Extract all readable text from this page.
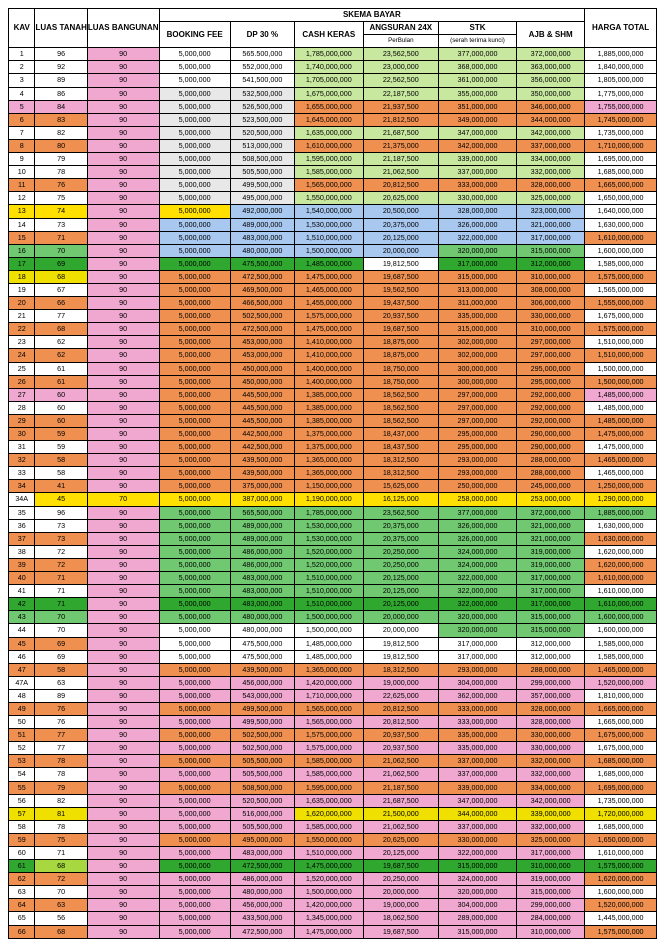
KAV	LUAS TANAH	LUAS BANGUNAN	SKEMA BAYAR						HARGA TOTAL
			BOOKING FEE	DP 30 %	CASH KERAS	ANGSURAN 24X	STK	AJB & SHM	
						PerBulan	(serah terima kunci)		
1	96	90	5,000,000	565.500,000	1,785,000,000	23,562,500	377,000,000	372,000,000	1,885,000,000
2	92	90	5,000,000	552,000,000	1,740,000,000	23,000,000	368,000,000	363,000,000	1,840,000,000
3	89	90	5,000,000	541,500,000	1,705,000,000	22,562,500	361,000,000	356,000,000	1,805,000,000
4	86	90	5,000,000	532,500,000	1,675,000,000	22,187,500	355,000,000	350,000,000	1,775,000,000
5	84	90	5,000,000	526,500,000	1,655,000,000	21,937,500	351,000,000	346,000,000	1,755,000,000
6	83	90	5,000,000	523,500,000	1,645,000,000	21,812,500	349,000,000	344,000,000	1,745,000,000
7	82	90	5,000,000	520,500,000	1,635,000,000	21,687,500	347,000,000	342,000,000	1,735,000,000
8	80	90	5,000,000	513,000,000	1,610,000,000	21,375,000	342,000,000	337,000,000	1,710,000,000
9	79	90	5,000,000	508,500,000	1,595,000,000	21,187,500	339,000,000	334,000,000	1,695,000,000
10	78	90	5,000,000	505,500,000	1,585,000,000	21,062,500	337,000,000	332,000,000	1,685,000,000
11	76	90	5,000,000	499,500,000	1,565,000,000	20,812,500	333,000,000	328,000,000	1,665,000,000
12	75	90	5,000,000	495,000,000	1,550,000,000	20,625,000	330,000,000	325,000,000	1,650,000,000
13	74	90	5,000,000	492,000,000	1,540,000,000	20,500,000	328,000,000	323,000,000	1,640,000,000
14	73	90	5,000,000	489,000,000	1,530,000,000	20,375,000	326,000,000	321,000,000	1,630,000,000
15	71	90	5,000,000	483,000,000	1,510,000,000	20,125,000	322,000,000	317,000,000	1,610,000,000
16	70	90	5,000,000	480,000,000	1,500,000,000	20,000,000	320,000,000	315,000,000	1,600,000,000
17	69	90	5,000,000	475,500,000	1,485,000,000	19,812,500	317,000,000	312,000,000	1,585,000,000
18	68	90	5,000,000	472,500,000	1,475,000,000	19,687,500	315,000,000	310,000,000	1,575,000,000
19	67	90	5,000,000	469,500,000	1,465,000,000	19,562,500	313,000,000	308,000,000	1,565,000,000
20	66	90	5,000,000	466,500,000	1,455,000,000	19,437,500	311,000,000	306,000,000	1,555,000,000
21	77	90	5,000,000	502,500,000	1,575,000,000	20,937,500	335,000,000	330,000,000	1,675,000,000
22	68	90	5,000,000	472,500,000	1,475,000,000	19,687,500	315,000,000	310,000,000	1,575,000,000
23	62	90	5,000,000	453,000,000	1,410,000,000	18,875,000	302,000,000	297,000,000	1,510,000,000
24	62	90	5,000,000	453,000,000	1,410,000,000	18,875,000	302,000,000	297,000,000	1,510,000,000
25	61	90	5,000,000	450,000,000	1,400,000,000	18,750,000	300,000,000	295,000,000	1,500,000,000
26	61	90	5,000,000	450,000,000	1,400,000,000	18,750,000	300,000,000	295,000,000	1,500,000,000
27	60	90	5,000,000	445,500,000	1,385,000,000	18,562,500	297,000,000	292,000,000	1,485,000,000
28	60	90	5,000,000	445,500,000	1,385,000,000	18,562,500	297,000,000	292,000,000	1,485,000,000
29	60	90	5,000,000	445,500,000	1,385,000,000	18,562,500	297,000,000	292,000,000	1,485,000,000
30	59	90	5,000,000	442,500,000	1,375,000,000	18,437,000	295,000,000	290,000,000	1,475,000,000
31	59	90	5,000,000	442,500,000	1,375,000,000	18,437,500	295,000,000	290,000,000	1,475,000,000
32	58	90	5,000,000	439,500,000	1,365,000,000	18,312,500	293,000,000	288,000,000	1,465,000,000
33	58	90	5,000,000	439,500,000	1,365,000,000	18,312,500	293,000,000	288,000,000	1,465,000,000
34	41	90	5,000,000	375,000,000	1,150,000,000	15,625,000	250,000,000	245,000,000	1,250,000,000
34A	45	70	5,000,000	387,000,000	1,190,000,000	16,125,000	258,000,000	253,000,000	1,290,000,000
35	96	90	5,000,000	565,500,000	1,785,000,000	23,562,500	377,000,000	372,000,000	1,885,000,000
36	73	90	5,000,000	489,000,000	1,530,000,000	20,375,000	326,000,000	321,000,000	1,630,000,000
37	73	90	5,000,000	489,000,000	1,530,000,000	20,375,000	326,000,000	321,000,000	1,630,000,000
38	72	90	5,000,000	486,000,000	1,520,000,000	20,250,000	324,000,000	319,000,000	1,620,000,000
39	72	90	5,000,000	486,000,000	1,520,000,000	20,250,000	324,000,000	319,000,000	1,620,000,000
40	71	90	5,000,000	483,000,000	1,510,000,000	20,125,000	322,000,000	317,000,000	1,610,000,000
41	71	90	5,000,000	483,000,000	1,510,000,000	20,125,000	322,000,000	317,000,000	1,610,000,000
42	71	90	5,000,000	483,000,000	1,510,000,000	20,125,000	322,000,000	317,000,000	1,610,000,000
43	70	90	5,000,000	480,000,000	1,500,000,000	20,000,000	320,000,000	315,000,000	1,600,000,000
44	70	90	5,000,000	480,000,000	1,500,000,000	20,000,000	320,000,000	315,000,000	1,600,000,000
45	69	90	5,000,000	475,500,000	1,485,000,000	19,812,500	317,000,000	312,000,000	1,585,000,000
46	69	90	5,000,000	475,500,000	1,485,000,000	19,812,500	317,000,000	312,000,000	1,585,000,000
47	58	90	5,000,000	439,500,000	1,365,000,000	18,312,500	293,000,000	288,000,000	1,465,000,000
47A	63	90	5,000,000	456,000,000	1,420,000,000	19,000,000	304,000,000	299,000,000	1,520,000,000
48	89	90	5,000,000	543,000,000	1,710,000,000	22,625,000	362,000,000	357,000,000	1,810,000,000
49	76	90	5,000,000	499,500,000	1,565,000,000	20,812,500	333,000,000	328,000,000	1,665,000,000
50	76	90	5,000,000	499,500,000	1,565,000,000	20,812,500	333,000,000	328,000,000	1,665,000,000
51	77	90	5,000,000	502,500,000	1,575,000,000	20,937,500	335,000,000	330,000,000	1,675,000,000
52	77	90	5,000,000	502,500,000	1,575,000,000	20,937,500	335,000,000	330,000,000	1,675,000,000
53	78	90	5,000,000	505,500,000	1,585,000,000	21,062,500	337,000,000	332,000,000	1,685,000,000
54	78	90	5,000,000	505,500,000	1,585,000,000	21,062,500	337,000,000	332,000,000	1,685,000,000
55	79	90	5,000,000	508,500,000	1,595,000,000	21,187,500	339,000,000	334,000,000	1,695,000,000
56	82	90	5,000,000	520,500,000	1,635,000,000	21,687,500	347,000,000	342,000,000	1,735,000,000
57	81	90	5,000,000	516,000,000	1,620,000,000	21,500,000	344,000,000	339,000,000	1,720,000,000
58	78	90	5,000,000	505,500,000	1,585,000,000	21,062,500	337,000,000	332,000,000	1,685,000,000
59	75	90	5,000,000	495,000,000	1,550,000,000	20,625,000	330,000,000	325,000,000	1,650,000,000
60	71	90	5,000,000	483,000,000	1,510,000,000	20,125,000	322,000,000	317,000,000	1,610,000,000
61	68	90	5,000,000	472,500,000	1,475,000,000	19,687,500	315,000,000	310,000,000	1,575,000,000
62	72	90	5,000,000	486,000,000	1,520,000,000	20,250,000	324,000,000	319,000,000	1,620,000,000
63	70	90	5,000,000	480,000,000	1,500,000,000	20,000,000	320,000,000	315,000,000	1,600,000,000
64	63	90	5,000,000	456,000,000	1,420,000,000	19,000,000	304,000,000	299,000,000	1,520,000,000
65	56	90	5,000,000	433,500,000	1,345,000,000	18,062,500	289,000,000	284,000,000	1,445,000,000
66	68	90	5,000,000	472,500,000	1,475,000,000	19,687,500	315,000,000	310,000,000	1,575,000,000
